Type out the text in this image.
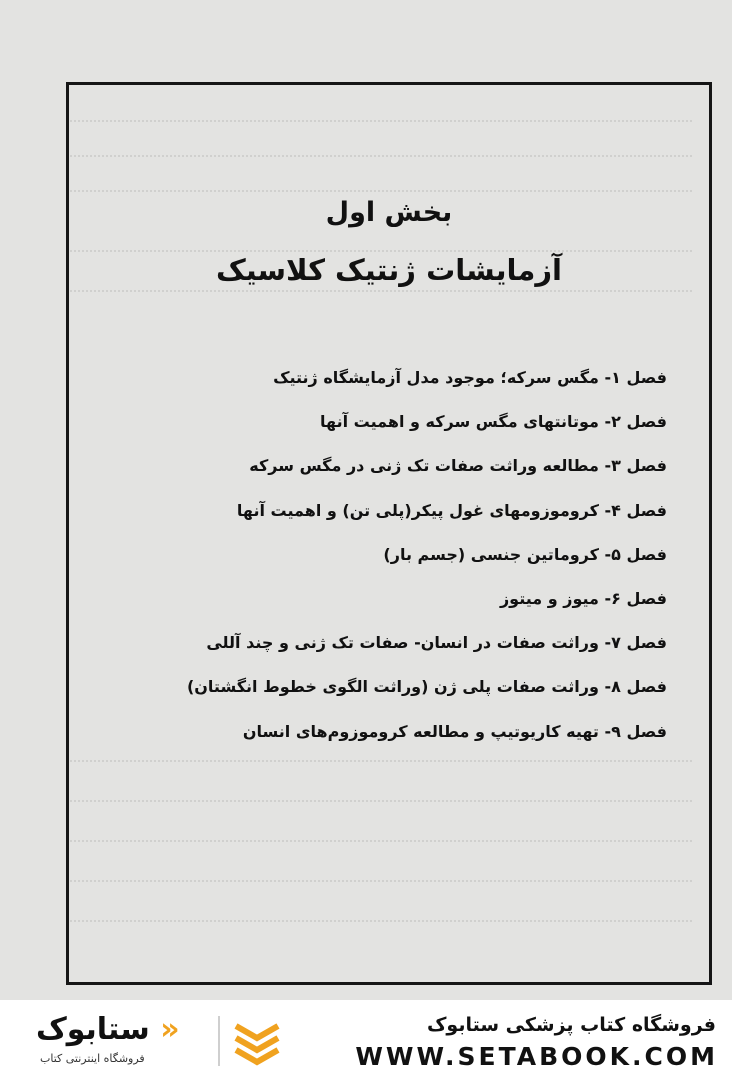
بخش اول
آزمایشات ژنتیک کلاسیک
فصل ۱- مگس سرکه؛ موجود مدل آزمایشگاه ژنتیک
فصل ۲- موتانتهای مگس سرکه و اهمیت آنها
فصل ۳- مطالعه وراثت صفات تک ژنی در مگس سرکه
فصل ۴- کروموزومهای غول پیکر(پلی تن) و اهمیت آنها
فصل ۵- کروماتین جنسی (جسم بار)
فصل ۶- میوز و میتوز
فصل ۷- وراثت صفات در انسان- صفات تک ژنی و چند آللی
فصل ۸- وراثت صفات پلی ژن (وراثت الگوی خطوط انگشتان)
فصل ۹- تهیه کاریوتیپ و مطالعه کروموزوم‌های انسان
فروشگاه کتاب پزشکی ستابوک
WWW.SETABOOK.COM
« ستابوک
فروشگاه اینترنتی کتاب
